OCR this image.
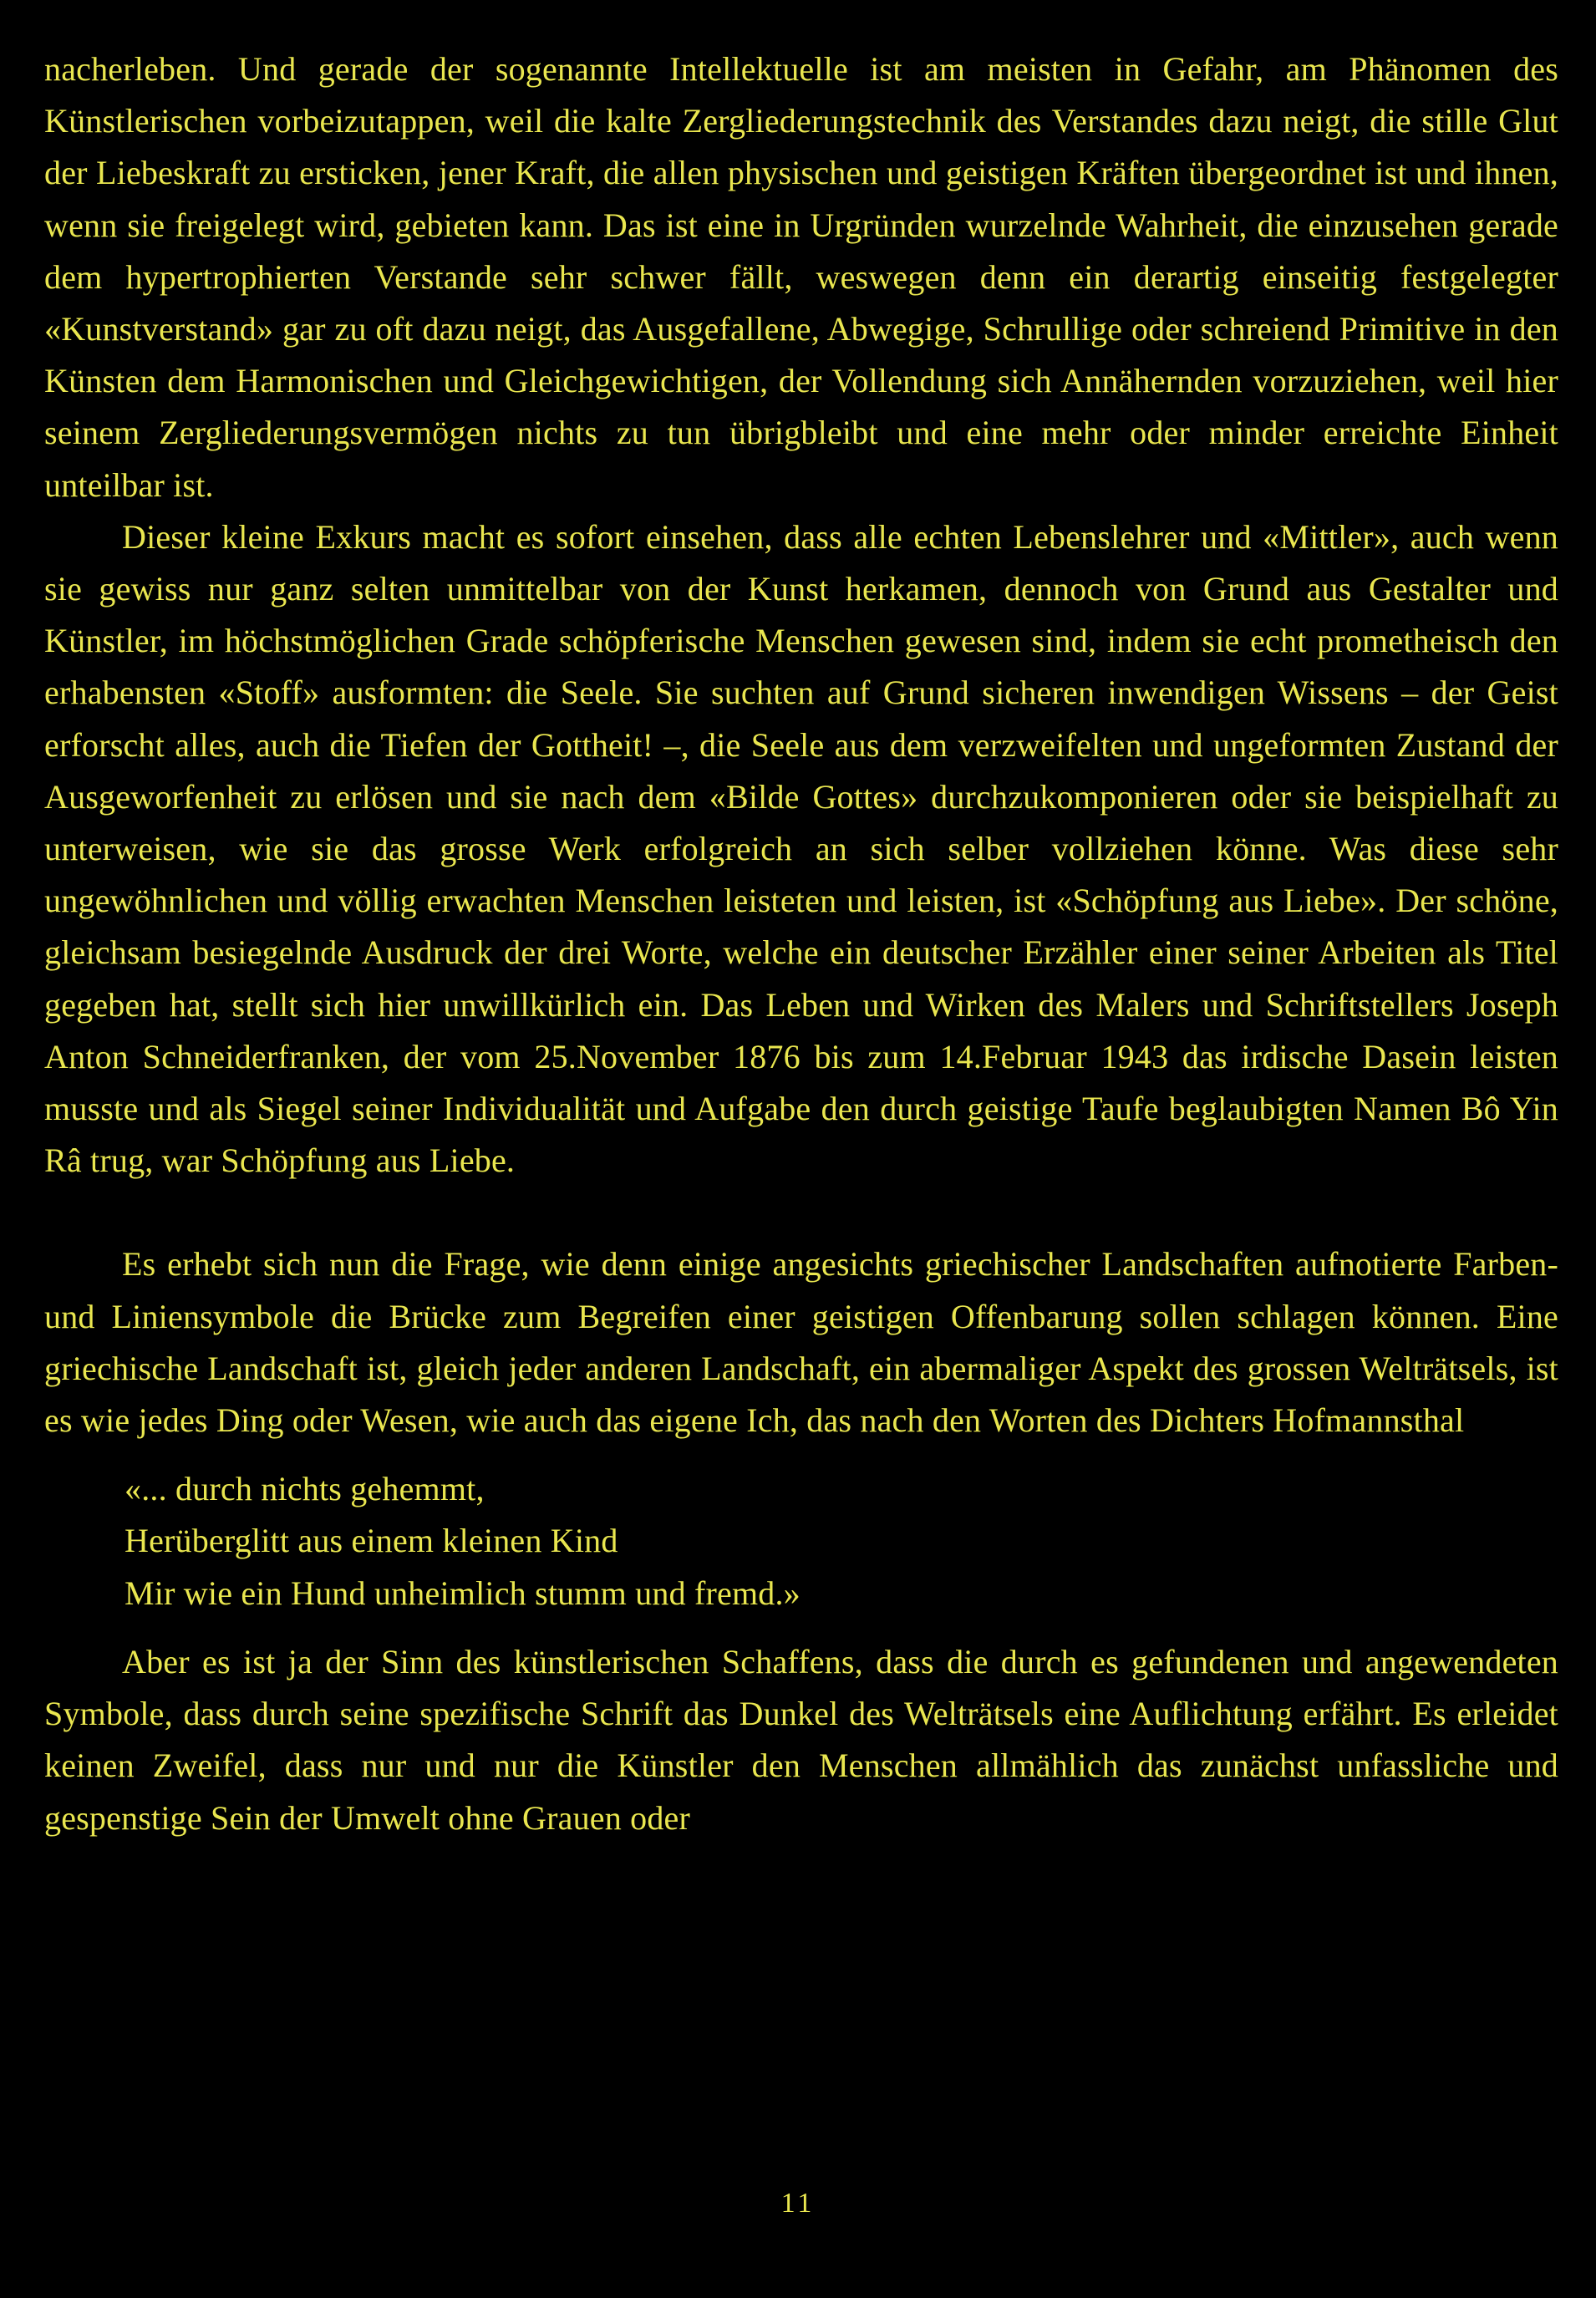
nacherleben. Und gerade der sogenannte Intellektuelle ist am meisten in Gefahr, am Phänomen des Künstlerischen vorbeizutappen, weil die kalte Zergliederungstechnik des Verstandes dazu neigt, die stille Glut der Liebeskraft zu ersticken, jener Kraft, die allen physischen und geistigen Kräften übergeordnet ist und ihnen, wenn sie freigelegt wird, gebieten kann. Das ist eine in Urgründen wurzelnde Wahrheit, die einzusehen gerade dem hypertrophierten Verstande sehr schwer fällt, weswegen denn ein derartig einseitig festgelegter «Kunstverstand» gar zu oft dazu neigt, das Ausgefallene, Abwegige, Schrullige oder schreiend Primitive in den Künsten dem Harmonischen und Gleichgewichtigen, der Vollendung sich Annähernden vorzuziehen, weil hier seinem Zergliederungsvermögen nichts zu tun übrigbleibt und eine mehr oder minder erreichte Einheit unteilbar ist.

Dieser kleine Exkurs macht es sofort einsehen, dass alle echten Lebenslehrer und «Mittler», auch wenn sie gewiss nur ganz selten unmittelbar von der Kunst herkamen, dennoch von Grund aus Gestalter und Künstler, im höchstmöglichen Grade schöpferische Menschen gewesen sind, indem sie echt prometheisch den erhabensten «Stoff» ausformten: die Seele. Sie suchten auf Grund sicheren inwendigen Wissens – der Geist erforscht alles, auch die Tiefen der Gottheit! –, die Seele aus dem verzweifelten und ungeformten Zustand der Ausgeworfenheit zu erlösen und sie nach dem «Bilde Gottes» durchzukomponieren oder sie beispielhaft zu unterweisen, wie sie das grosse Werk erfolgreich an sich selber vollziehen könne. Was diese sehr ungewöhnlichen und völlig erwachten Menschen leisteten und leisten, ist «Schöpfung aus Liebe». Der schöne, gleichsam besiegelnde Ausdruck der drei Worte, welche ein deutscher Erzähler einer seiner Arbeiten als Titel gegeben hat, stellt sich hier unwillkürlich ein. Das Leben und Wirken des Malers und Schriftstellers Joseph Anton Schneiderfranken, der vom 25.November 1876 bis zum 14.Februar 1943 das irdische Dasein leisten musste und als Siegel seiner Individualität und Aufgabe den durch geistige Taufe beglaubigten Namen Bô Yin Râ trug, war Schöpfung aus Liebe.

Es erhebt sich nun die Frage, wie denn einige angesichts griechischer Landschaften aufnotierte Farben- und Liniensymbole die Brücke zum Begreifen einer geistigen Offenbarung sollen schlagen können. Eine griechische Landschaft ist, gleich jeder anderen Landschaft, ein abermaliger Aspekt des grossen Welträtsels, ist es wie jedes Ding oder Wesen, wie auch das eigene Ich, das nach den Worten des Dichters Hofmannsthal

«... durch nichts gehemmt,
Herüberglitt aus einem kleinen Kind
Mir wie ein Hund unheimlich stumm und fremd.»

Aber es ist ja der Sinn des künstlerischen Schaffens, dass die durch es gefundenen und angewendeten Symbole, dass durch seine spezifische Schrift das Dunkel des Welträtsels eine Auflichtung erfährt. Es erleidet keinen Zweifel, dass nur und nur die Künstler den Menschen allmählich das zunächst unfassliche und gespenstige Sein der Umwelt ohne Grauen oder

11
